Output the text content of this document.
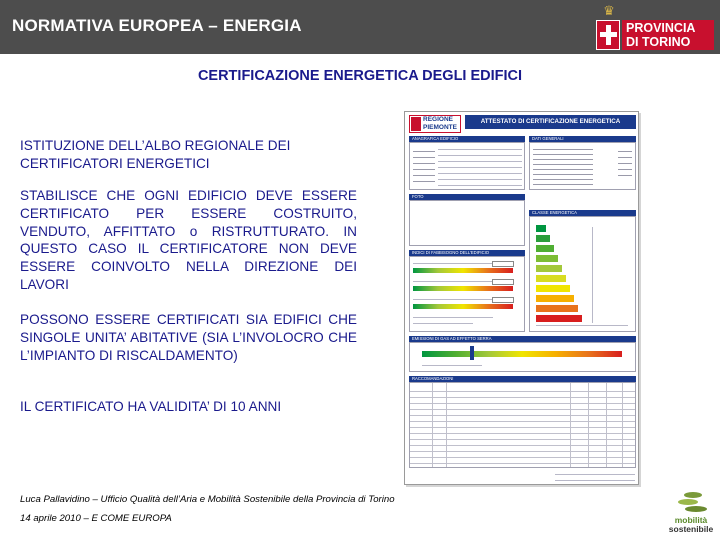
NORMATIVA EUROPEA – ENERGIA
♛
PROVINCIA
DI TORINO
CERTIFICAZIONE ENERGETICA DEGLI EDIFICI
ISTITUZIONE DELL’ALBO REGIONALE DEI CERTIFICATORI ENERGETICI
STABILISCE CHE OGNI EDIFICIO DEVE ESSERE CERTIFICATO PER ESSERE COSTRUITO, VENDUTO, AFFITTATO o RISTRUTTURATO. IN QUESTO CASO IL CERTIFICATORE NON DEVE ESSERE COINVOLTO NELLA DIREZIONE DEI LAVORI
POSSONO ESSERE CERTIFICATI SIA EDIFICI CHE SINGOLE UNITA’ ABITATIVE (SIA L’INVOLOCRO CHE L’IMPIANTO DI RISCALDAMENTO)
IL CERTIFICATO HA VALIDITA’ DI 10 ANNI
REGIONE
PIEMONTE
ATTESTATO DI CERTIFICAZIONE ENERGETICA
ANAGRAFICA EDIFICIO	DATI GENERALI
FOTO
CLASSE ENERGETICA
INDICI DI FABBISOGNO DELL’EDIFICIO
EMISSIONI DI GAS AD EFFETTO SERRA
RACCOMANDAZIONI
Luca Pallavidino – Ufficio Qualità dell’Aria e Mobilità Sostenibile della Provincia di Torino
14 aprile 2010 – E COME EUROPA	mobilità
sostenibile
